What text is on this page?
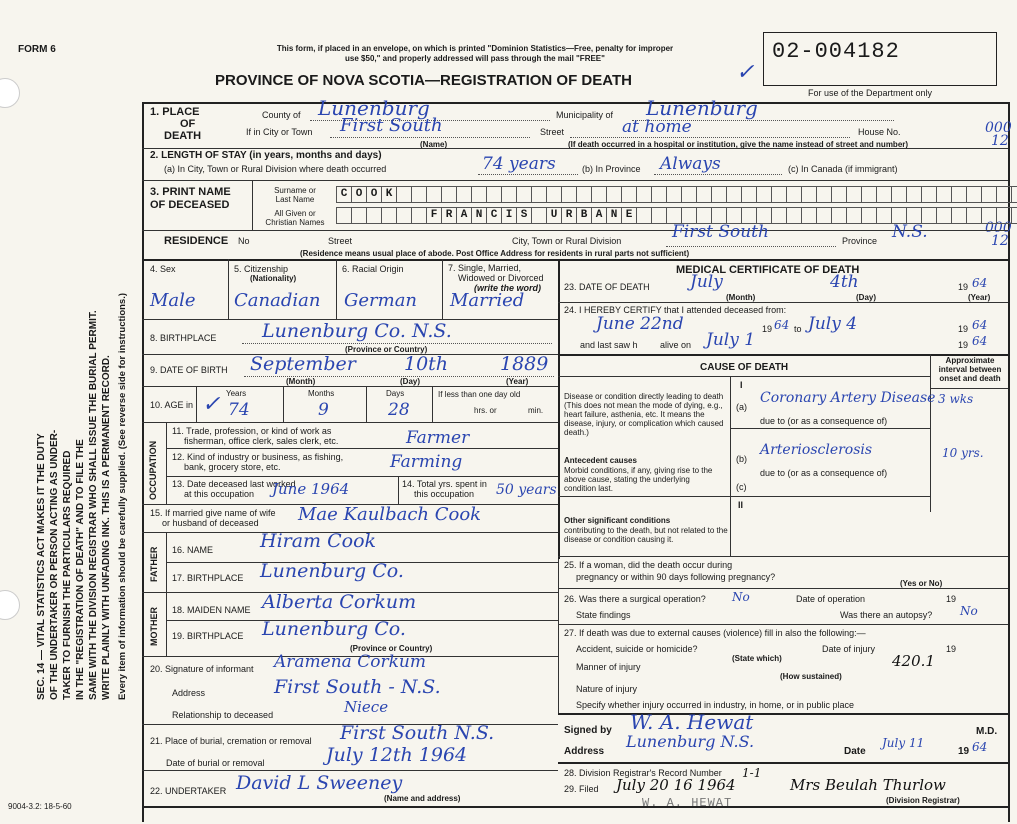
SEC. 14 — VITAL STATISTICS ACT MAKES IT THE DUTY OF THE UNDERTAKER OR PERSON ACTING AS UNDER- TAKER TO FURNISH THE PARTICULARS REQUIRED IN THE "REGISTRATION OF DEATH" AND TO FILE THE SAME WITH THE DIVISION REGISTRAR WHO SHALL ISSUE THE BURIAL PERMIT. WRITE PLAINLY WITH UNFADING INK. THIS IS A PERMANENT RECORD. Every item of information should be carefully supplied. (See reverse side for instructions.)
FORM 6	This form, if placed in an envelope, on which is printed "Dominion Statistics—Free, penalty for improper
use $50," and properly addressed will pass through the mail "FREE"
PROVINCE OF NOVA SCOTIA—REGISTRATION OF DEATH
02-004182
For use of the Department only
1. PLACE
OF
DEATH
County of Lunenburg	Municipality of Lunenburg
If in City or Town First South
(Name)
Street	at home	House No.
(If death occurred in a hospital or institution, give the name instead of street and number)
000
12
000
12
2. LENGTH OF STAY (in years, months and days)
(a) In City, Town or Rural Division where death occurred	74 years	(b) In Province Always	(c) In Canada (if immigrant)
3. PRINT NAME
OF DECEASED
Surname or
Last Name
All Given or
Christian Names
C O O K
F R A N C I S	U R B A N E
RESIDENCE No	Street	City, Town or Rural Division	First South	Province N.S.
(Residence means usual place of abode. Post Office Address for residents in rural parts not sufficient)
4. Sex	5. Citizenship
(Nationality)
6. Racial Origin	7. Single, Married,
Widowed or Divorced
(write the word)
Male Canadian German Married
8. BIRTHPLACE Lunenburg Co. N.S.
(Province or Country)
9. DATE OF BIRTH September	10th	1889
(Month)	(Day)	(Year)
10. AGE in
Years	Months	Days
74	9	28
If less than one day old
hrs. or	min.
OCCUPATION
11. Trade, profession, or kind of work as
fisherman, office clerk, sales clerk, etc.	Farmer
12. Kind of industry or business, as fishing,
bank, grocery store, etc.	Farming
13. Date deceased last worked
at this occupation June 1964	14. Total yrs. spent in
this occupation 50 years
15. If married give name of wife
or husband of deceased Mae Kaulbach Cook
FATHER 16. NAME Hiram Cook
17. BIRTHPLACE Lunenburg Co.
MOTHER 18. MAIDEN NAME Alberta Corkum
19. BIRTHPLACE Lunenburg Co.
(Province or Country)
20. Signature of informant Aramena Corkum
Address	First South - N.S.
Relationship to deceased	Niece
21. Place of burial, cremation or removal First South N.S.
Date of burial or removal	July 12th 1964
22. UNDERTAKER David L Sweeney
(Name and address)
9004-3.2: 18-5-60
MEDICAL CERTIFICATE OF DEATH
23. DATE OF DEATH July	4th	19 64
(Month)	(Day)	(Year)
24. I HEREBY CERTIFY that I attended deceased from:
June 22nd	19 64 to July 4	19 64
and last saw h alive on July 1	19 64
CAUSE OF DEATH
Approximate interval between onset and death
I
Disease or condition directly leading to death (This does not mean the mode of dying, e.g., heart failure, asthenia, etc. It means the disease, injury, or complication which caused death.)
(a)
Coronary Artery Disease 3 wks
due to (or as a consequence of)
Antecedent causes
Morbid conditions, if any, giving rise to the above cause, stating the underlying condition last.
(b)
Arteriosclerosis	10 yrs.
due to (or as a consequence of)
(c)
II
Other significant conditions
contributing to the death, but not related to the disease or condition causing it.
25. If a woman, did the death occur during
pregnancy or within 90 days following pregnancy?
(Yes or No)
26. Was there a surgical operation? No	Date of operation	19
State findings	Was there an autopsy? No
27. If death was due to external causes (violence) fill in also the following:—
Accident, suicide or homicide?
(State which)
Date of injury	19
420.1
Manner of injury
(How sustained)
Nature of injury
Specify whether injury occurred in industry, in home, or in public place
Signed by W. A. Hewat	M.D.
Address
Lunenburg N.S.
Date
July 11
19 64
28. Division Registrar's Record Number 1-1
29. Filed July 20 16 1964	Mrs Beulah Thurlow
(Division Registrar)
W. A. HEWAT
✓
✓
